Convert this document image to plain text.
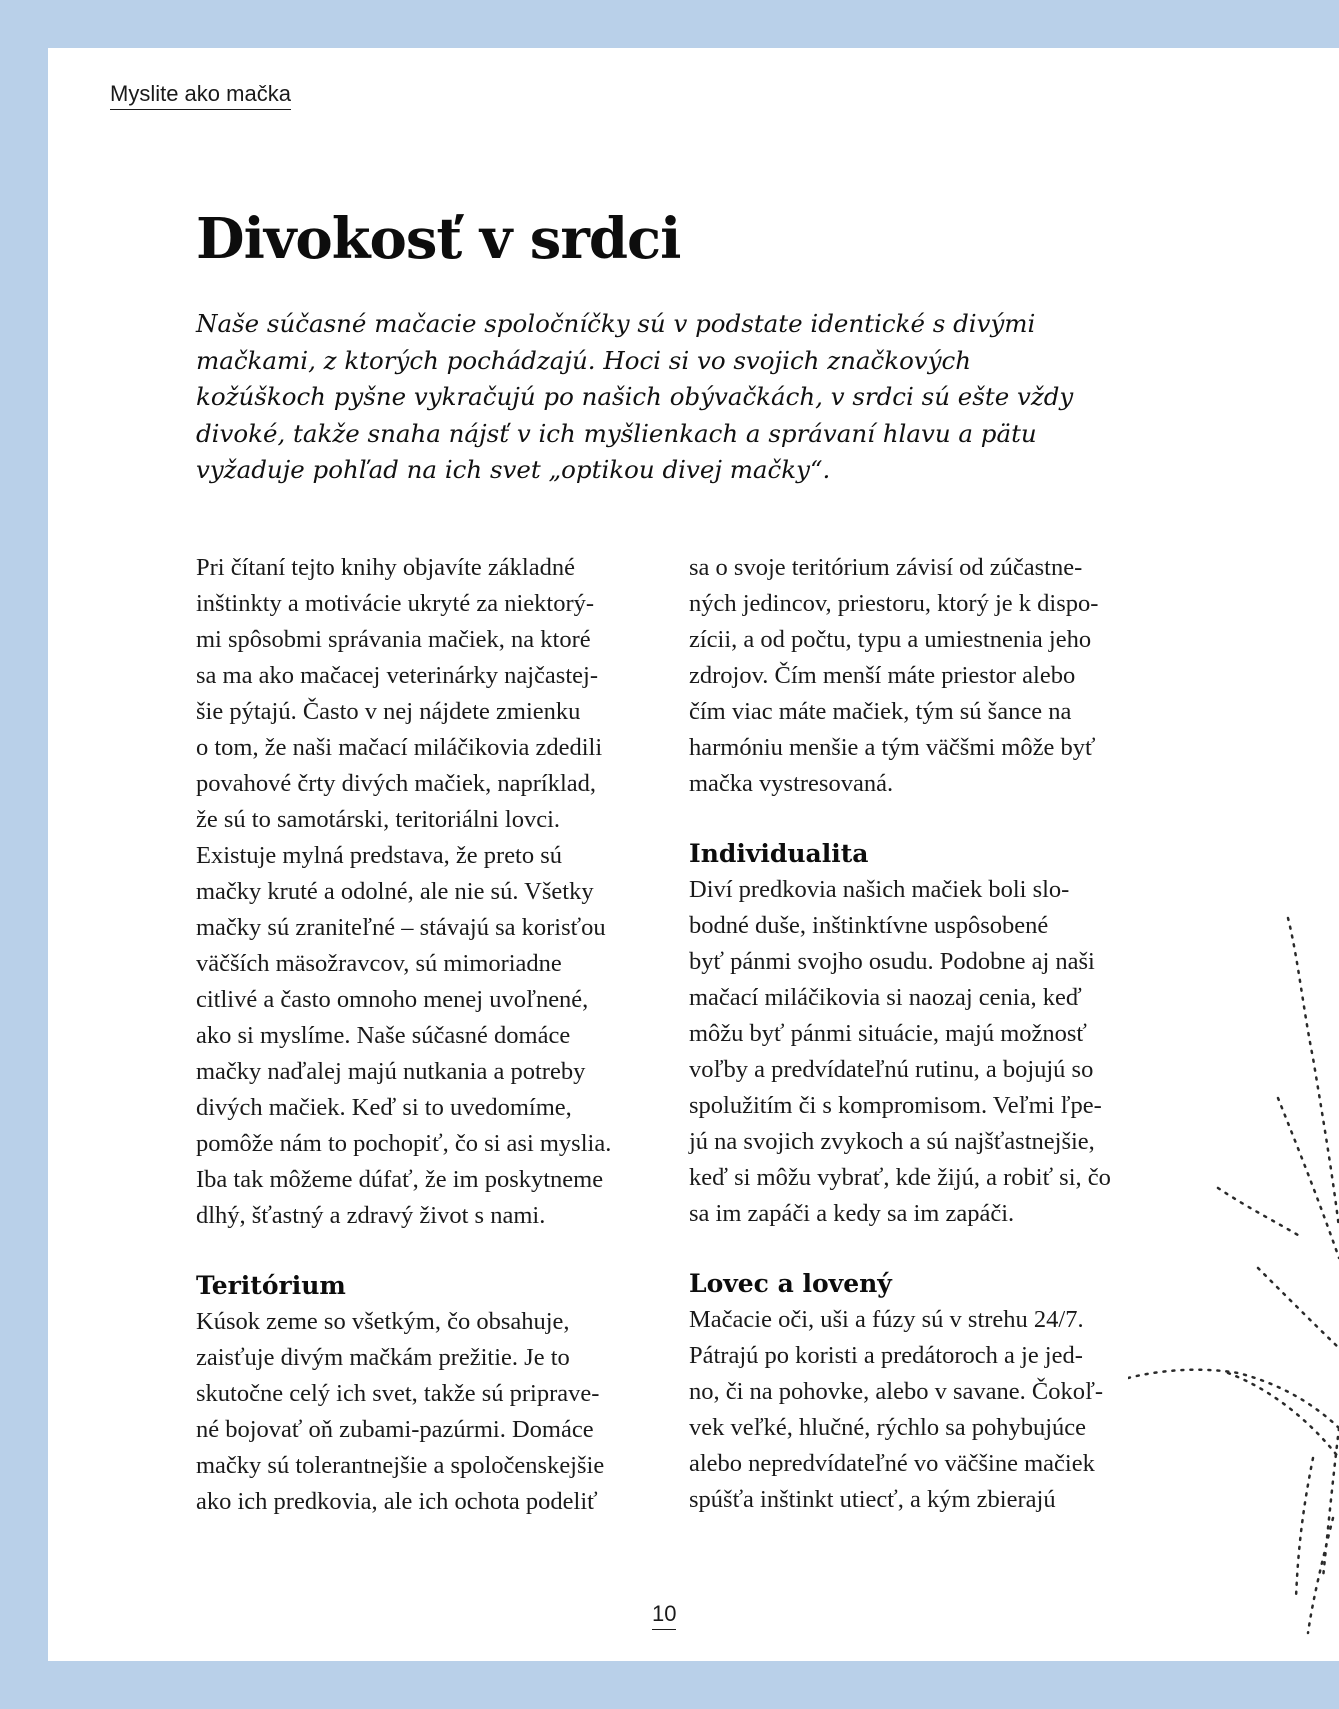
Myslite ako mačka
Divokosť v srdci

Naše súčasné mačacie spoločníčky sú v podstate identické s divými
mačkami, z ktorých pochádzajú. Hoci si vo svojich značkových
kožúškoch pyšne vykračujú po našich obývačkách, v srdci sú ešte vždy
divoké, takže snaha nájsť v ich myšlienkach a správaní hlavu a pätu
vyžaduje pohľad na ich svet „optikou divej mačky“.

Pri čítaní tejto knihy objavíte základné
inštinkty a motivácie ukryté za niektorý-
mi spôsobmi správania mačiek, na ktoré
sa ma ako mačacej veterinárky najčastej-
šie pýtajú. Často v nej nájdete zmienku
o tom, že naši mačací miláčikovia zdedili
povahové črty divých mačiek, napríklad,
že sú to samotárski, teritoriálni lovci.
Existuje mylná predstava, že preto sú
mačky kruté a odolné, ale nie sú. Všetky
mačky sú zraniteľné – stávajú sa korisťou
väčších mäsožravcov, sú mimoriadne
citlivé a často omnoho menej uvoľnené,
ako si myslíme. Naše súčasné domáce
mačky naďalej majú nutkania a potreby
divých mačiek. Keď si to uvedomíme,
pomôže nám to pochopiť, čo si asi myslia.
Iba tak môžeme dúfať, že im poskytneme
dlhý, šťastný a zdravý život s nami.
Teritórium
Kúsok zeme so všetkým, čo obsahuje,
zaisťuje divým mačkám prežitie. Je to
skutočne celý ich svet, takže sú priprave-
né bojovať oň zubami-pazúrmi. Domáce
mačky sú tolerantnejšie a spoločenskejšie
ako ich predkovia, ale ich ochota podeliť
sa o svoje teritórium závisí od zúčastne-
ných jedincov, priestoru, ktorý je k dispo-
zícii, a od počtu, typu a umiestnenia jeho
zdrojov. Čím menší máte priestor alebo
čím viac máte mačiek, tým sú šance na
harmóniu menšie a tým väčšmi môže byť
mačka vystresovaná.
Individualita
Diví predkovia našich mačiek boli slo-
bodné duše, inštinktívne uspôsobené
byť pánmi svojho osudu. Podobne aj naši
mačací miláčikovia si naozaj cenia, keď
môžu byť pánmi situácie, majú možnosť
voľby a predvídateľnú rutinu, a bojujú so
spolužitím či s kompromisom. Veľmi ľpe-
jú na svojich zvykoch a sú najšťastnejšie,
keď si môžu vybrať, kde žijú, a robiť si, čo
sa im zapáči a kedy sa im zapáči.
Lovec a lovený
Mačacie oči, uši a fúzy sú v strehu 24/7.
Pátrajú po koristi a predátoroch a je jed-
no, či na pohovke, alebo v savane. Čokoľ-
vek veľké, hlučné, rýchlo sa pohybujúce
alebo nepredvídateľné vo väčšine mačiek
spúšťa inštinkt utiecť, a kým zbierajú
10
